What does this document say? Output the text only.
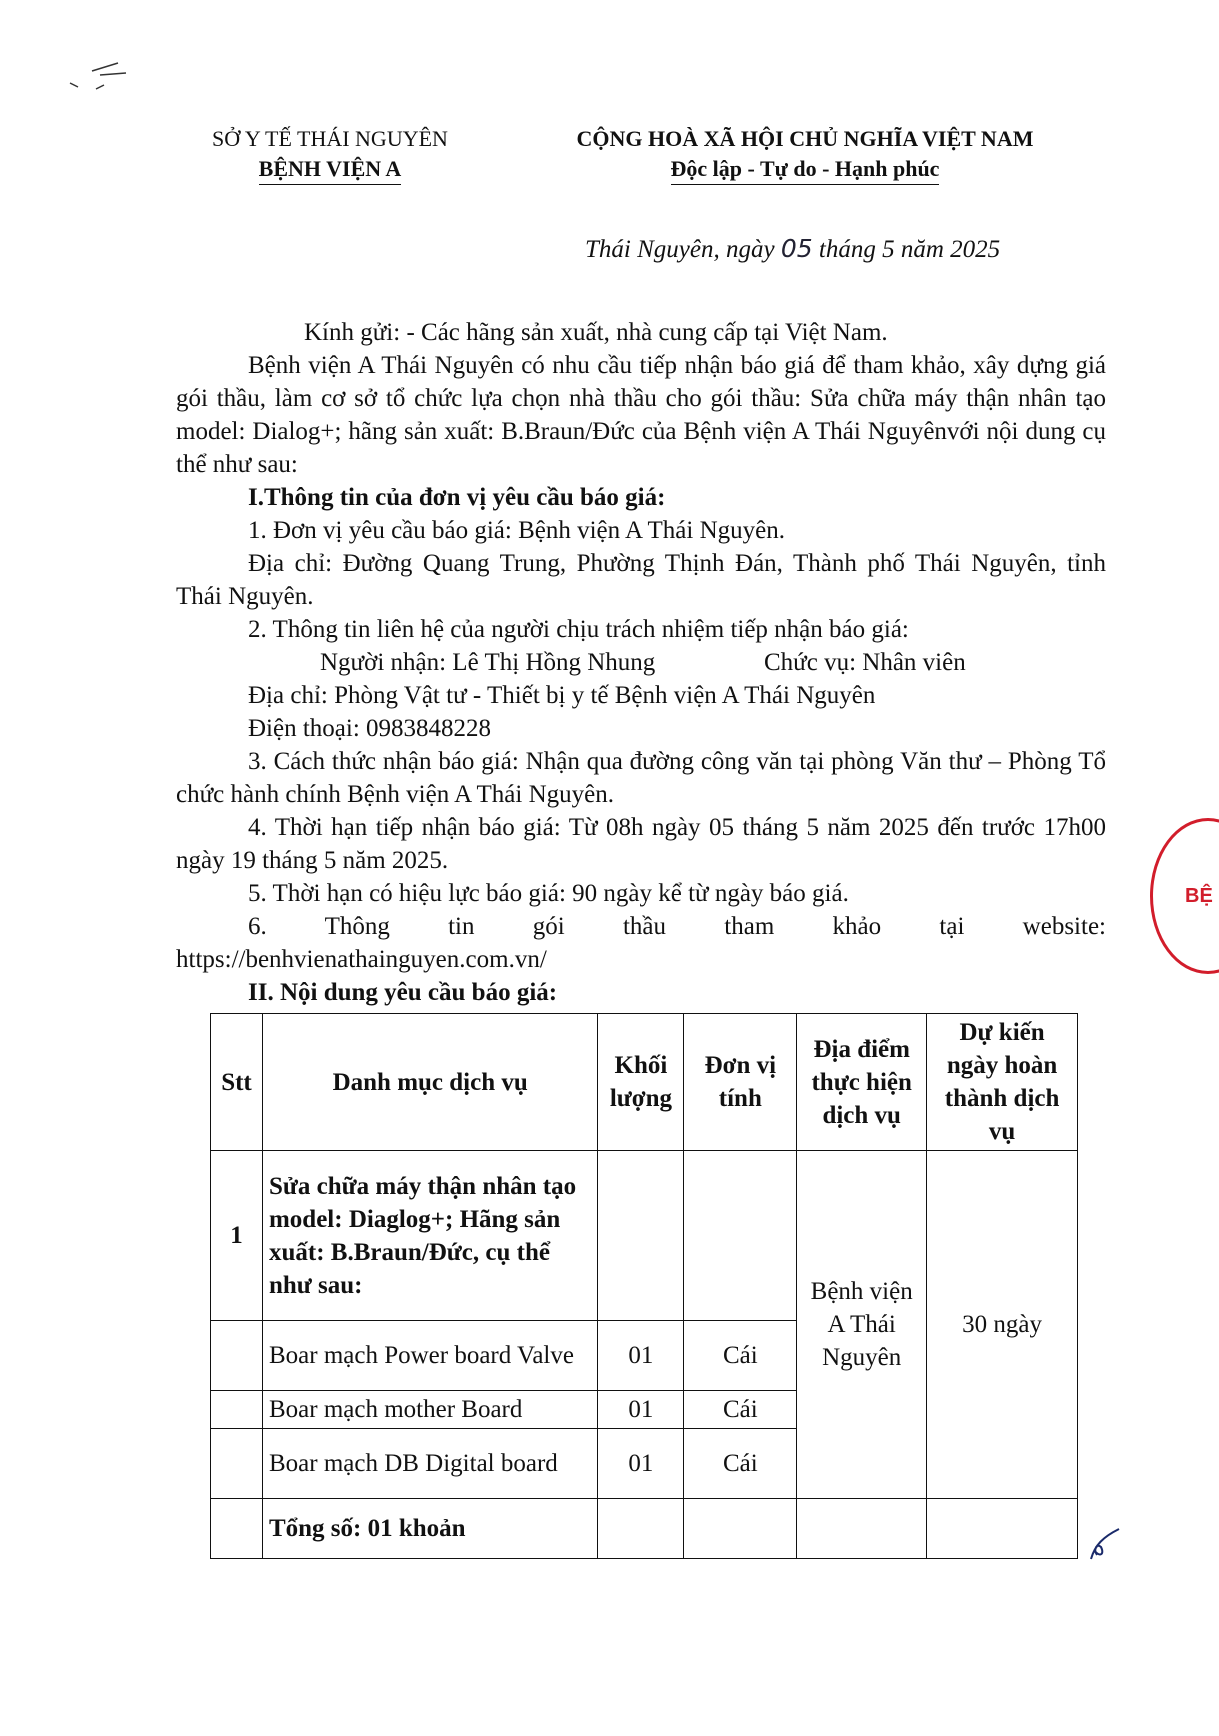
SỞ Y TẾ THÁI NGUYÊN
BỆNH VIỆN A
CỘNG HOÀ XÃ HỘI CHỦ NGHĨA VIỆT NAM
Độc lập - Tự do - Hạnh phúc
Thái Nguyên, ngày 05 tháng 5 năm 2025
Kính gửi: - Các hãng sản xuất, nhà cung cấp tại Việt Nam.
Bệnh viện A Thái Nguyên có nhu cầu tiếp nhận báo giá để tham khảo, xây dựng giá gói thầu, làm cơ sở tổ chức lựa chọn nhà thầu cho gói thầu: Sửa chữa máy thận nhân tạo model: Dialog+; hãng sản xuất: B.Braun/Đức của Bệnh viện A Thái Nguyênvới nội dung cụ thể như sau:
I.Thông tin của đơn vị yêu cầu báo giá:
1. Đơn vị yêu cầu báo giá: Bệnh viện A Thái Nguyên.
Địa chỉ: Đường Quang Trung, Phường Thịnh Đán, Thành phố Thái Nguyên, tỉnh Thái Nguyên.
2. Thông tin liên hệ của người chịu trách nhiệm tiếp nhận báo giá:
Người nhận: Lê Thị Hồng Nhung	Chức vụ: Nhân viên
Địa chỉ: Phòng Vật tư - Thiết bị y tế Bệnh viện A Thái Nguyên
Điện thoại: 0983848228
3. Cách thức nhận báo giá: Nhận qua đường công văn tại phòng Văn thư – Phòng Tổ chức hành chính Bệnh viện A Thái Nguyên.
4. Thời hạn tiếp nhận báo giá: Từ 08h ngày 05 tháng 5 năm 2025 đến trước 17h00 ngày 19 tháng 5 năm 2025.
5. Thời hạn có hiệu lực báo giá: 90 ngày kể từ ngày báo giá.
6. Thông tin gói thầu tham khảo tại website: https://benhvienathainguyen.com.vn/
II. Nội dung yêu cầu báo giá:
Stt	Danh mục dịch vụ	Khối lượng	Đơn vị tính	Địa điểm thực hiện dịch vụ	Dự kiến ngày hoàn thành dịch vụ
1	Sửa chữa máy thận nhân tạo model: Diaglog+; Hãng sản xuất: B.Braun/Đức, cụ thể như sau:			Bệnh viện A Thái Nguyên	30 ngày
	Boar mạch Power board Valve	01	Cái		
	Boar mạch mother Board	01	Cái		
	Boar mạch DB Digital board	01	Cái		
	Tổng số: 01 khoản				
BỆ
